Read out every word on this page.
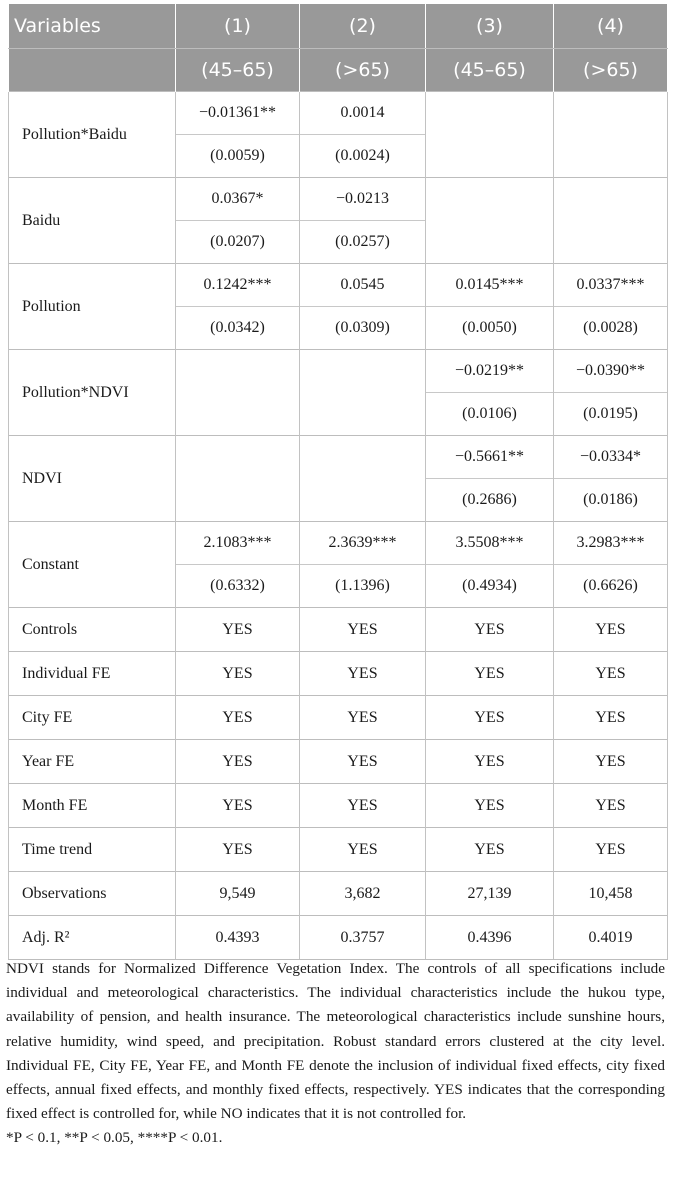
Variables	(1)	(2)	(3)	(4)
	(45–65)	(>65)	(45–65)	(>65)
Pollution*Baidu	−0.01361**	0.0014		
	(0.0059)	(0.0024)		
Baidu	0.0367*	−0.0213		
	(0.0207)	(0.0257)		
Pollution	0.1242***	0.0545	0.0145***	0.0337***
	(0.0342)	(0.0309)	(0.0050)	(0.0028)
Pollution*NDVI			−0.0219**	−0.0390**
			(0.0106)	(0.0195)
NDVI			−0.5661**	−0.0334*
			(0.2686)	(0.0186)
Constant	2.1083***	2.3639***	3.5508***	3.2983***
	(0.6332)	(1.1396)	(0.4934)	(0.6626)
Controls	YES	YES	YES	YES
Individual FE	YES	YES	YES	YES
City FE	YES	YES	YES	YES
Year FE	YES	YES	YES	YES
Month FE	YES	YES	YES	YES
Time trend	YES	YES	YES	YES
Observations	9,549	3,682	27,139	10,458
Adj. R²	0.4393	0.3757	0.4396	0.4019

NDVI stands for Normalized Difference Vegetation Index. The controls of all specifications include individual and meteorological characteristics. The individual characteristics include the hukou type, availability of pension, and health insurance. The meteorological characteristics include sunshine hours, relative humidity, wind speed, and precipitation. Robust standard errors clustered at the city level. Individual FE, City FE, Year FE, and Month FE denote the inclusion of individual fixed effects, city fixed effects, annual fixed effects, and monthly fixed effects, respectively. YES indicates that the corresponding fixed effect is controlled for, while NO indicates that it is not controlled for.

*P < 0.1, **P < 0.05, ****P < 0.01.
